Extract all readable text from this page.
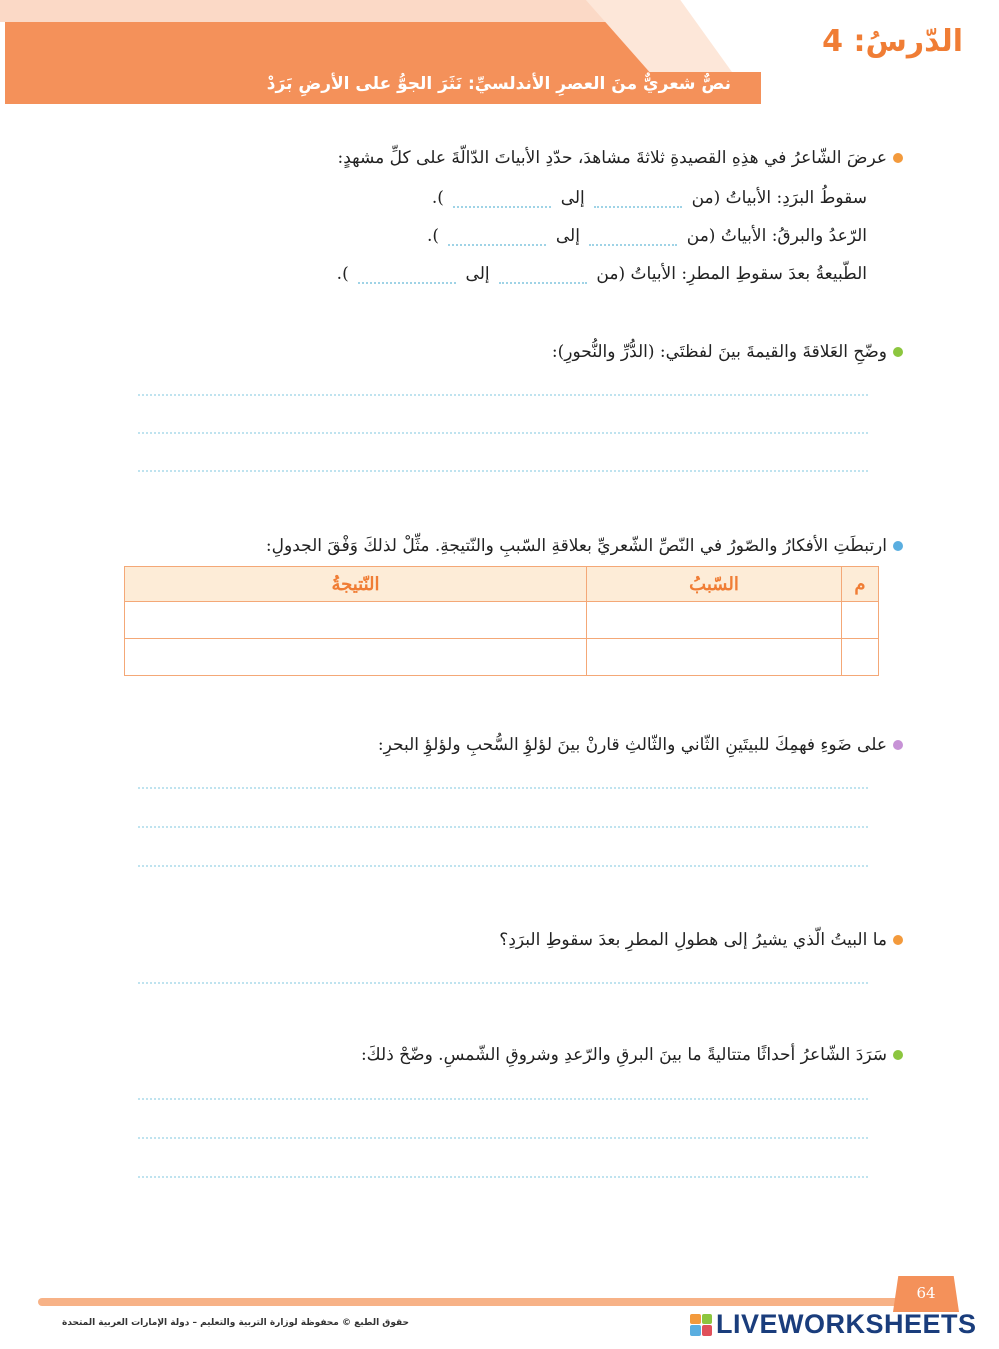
الدّرسُ: 4
نصٌّ شعريٌّ منَ العصرِ الأندلسيِّ: نَثَرَ الجوُّ على الأرضِ بَرَدْ
عرضَ الشّاعرُ في هذِهِ القصيدةِ ثلاثةَ مشاهدَ، حدّدِ الأبياتَ الدّالّةَ على كلِّ مشهدٍ:
سقوطُ البرَدِ: الأبياتُ (من  إلى  ).
الرّعدُ والبرقُ: الأبياتُ (من  إلى  ).
الطّبيعةُ بعدَ سقوطِ المطرِ: الأبياتُ (من  إلى  ).
وضّحِ العَلاقةَ والقيمةَ بينَ لفظتَي: (الدُّرِّ والنُّحورِ):
ارتبطَتِ الأفكارُ والصّورُ في النّصِّ الشّعريِّ بعلاقةِ السّببِ والنّتيجةِ. مثِّلْ لذلكَ وَفْقَ الجدولِ:
م	السّببُ	النّتيجةُ

على ضَوءِ فهمِكَ للبيتَينِ الثّاني والثّالثِ قارنْ بينَ لؤلؤِ السُّحبِ ولؤلؤِ البحرِ:
ما البيتُ الّذي يشيرُ إلى هطولِ المطرِ بعدَ سقوطِ البرَدِ؟
سَرَدَ الشّاعرُ أحداثًا متتاليةً ما بينَ البرقِ والرّعدِ وشروقِ الشّمسِ. وضّحْ ذلكَ:
64
حقوق الطبع © محفوظة لوزارة التربية والتعليم – دولة الإمارات العربية المتحدة	LIVEWORKSHEETS
